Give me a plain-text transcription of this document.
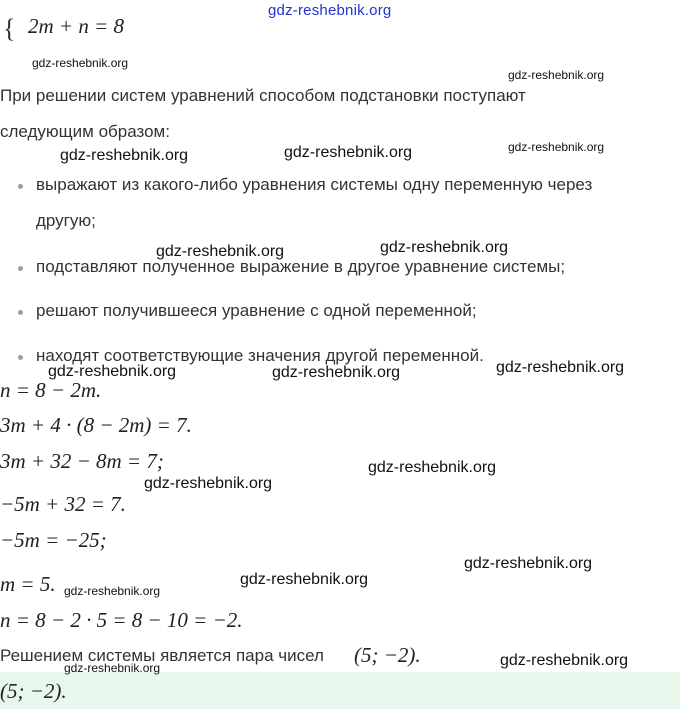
{ 2m + n = 8
gdz-reshebnik.org
При решении систем уравнений способом подстановки поступают
следующим образом:
выражают из какого-либо уравнения системы одну переменную через
другую;
подставляют полученное выражение в другое уравнение системы;
решают получившееся уравнение с одной переменной;
находят соответствующие значения другой переменной.
n = 8 − 2m.
3m + 4 · (8 − 2m) = 7.
3m + 32 − 8m = 7;
−5m + 32 = 7.
−5m = −25;
m = 5.
n = 8 − 2 · 5 = 8 − 10 = −2.
Решением системы является пара чисел (5; −2).
(5; −2).
gdz-reshebnik.org
gdz-reshebnik.org
gdz-reshebnik.org	gdz-reshebnik.org	gdz-reshebnik.org
gdz-reshebnik.org	gdz-reshebnik.org
gdz-reshebnik.org	gdz-reshebnik.org	gdz-reshebnik.org
gdz-reshebnik.org
gdz-reshebnik.org
gdz-reshebnik.org
gdz-reshebnik.org
gdz-reshebnik.org
gdz-reshebnik.org
gdz-reshebnik.org
